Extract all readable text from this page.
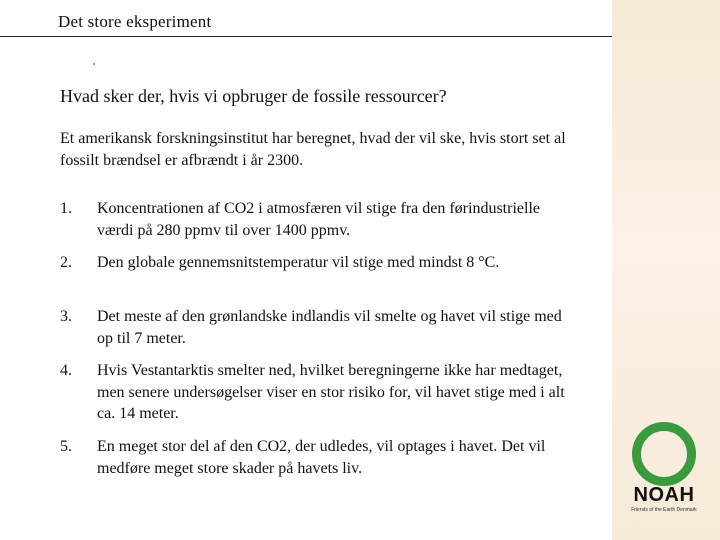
Det store eksperiment
Hvad sker der, hvis vi opbruger de fossile ressourcer?
Et amerikansk forskningsinstitut har beregnet, hvad der vil ske, hvis stort set al fossilt brændsel er afbrændt i år 2300.
1.	Koncentrationen af CO2 i atmosfæren vil stige fra den førindustrielle værdi på 280 ppmv til over 1400 ppmv.
2.	Den globale gennemsnitstemperatur vil stige med mindst 8 °C.
3.	Det meste af den grønlandske indlandis vil smelte og havet vil stige med op til 7 meter.
4.	Hvis Vestantarktis smelter ned, hvilket beregningerne ikke har medtaget, men senere undersøgelser viser en stor risiko for, vil havet stige med i alt ca. 14 meter.
5.	En meget stor del af den CO2, der udledes, vil optages i havet. Det vil medføre meget store skader på havets liv.
NOAH
Friends of the Earth Denmark
